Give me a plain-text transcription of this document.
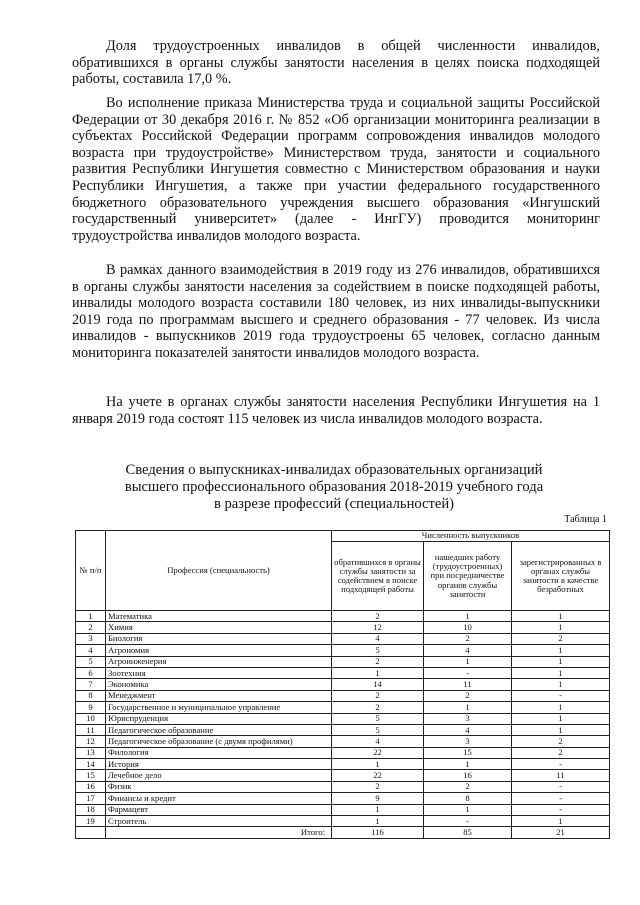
Доля трудоустроенных инвалидов в общей численности инвалидов, обратившихся в органы службы занятости населения в целях поиска подходящей работы, составила 17,0 %.

Во исполнение приказа Министерства труда и социальной защиты Российской Федерации от 30 декабря 2016 г. № 852 «Об организации мониторинга реализации в субъектах Российской Федерации программ сопровождения инвалидов молодого возраста при трудоустройстве» Министерством труда, занятости и социального развития Республики Ингушетия совместно с Министерством образования и науки Республики Ингушетия, а также при участии федерального государственного бюджетного образовательного учреждения высшего образования «Ингушский государственный университет» (далее - ИнгГУ) проводится мониторинг трудоустройства инвалидов молодого возраста.

В рамках данного взаимодействия в 2019 году из 276 инвалидов, обратившихся в органы службы занятости населения за содействием в поиске подходящей работы, инвалиды молодого возраста составили 180 человек, из них инвалиды-выпускники 2019 года по программам высшего и среднего образования - 77 человек. Из числа инвалидов - выпускников 2019 года трудоустроены 65 человек, согласно данным мониторинга показателей занятости инвалидов молодого возраста.

На учете в органах службы занятости населения Республики Ингушетия на 1 января 2019 года состоят 115 человек из числа инвалидов молодого возраста.

Сведения о выпускниках-инвалидах образовательных организаций
высшего профессионального образования 2018-2019 учебного года
в разрезе профессий (специальностей)
Таблица 1
№ п/п	Профессия (специальность)	Численность выпускников		
		обратившихся в органы службы занятости за содействием в поиске подходящей работы	нашедших работу (трудоустроенных) при посредничестве органов службы занятости	зарегистрированных в органах службы занятости в качестве безработных
1	Математика	2	1	1
2	Химия	12	10	1
3	Биология	4	2	2
4	Агрономия	5	4	1
5	Агроинженерия	2	1	1
6	Зоотехния	1	-	1
7	Экономика	14	11	1
8	Менеджмент	2	2	-
9	Государственное и муниципальное управление	2	1	1
10	Юриспруденция	5	3	1
11	Педагогическое образование	5	4	1
12	Педагогическое образование (с двумя профилями)	4	3	2
13	Филология	22	15	2
14	История	1	1	-
15	Лечебное дело	22	16	11
16	Физик	2	2	-
17	Финансы и кредит	9	8	-
18	Фармацевт	1	1	-
19	Строитель	1	-	1
	Итого:	116	85	21
